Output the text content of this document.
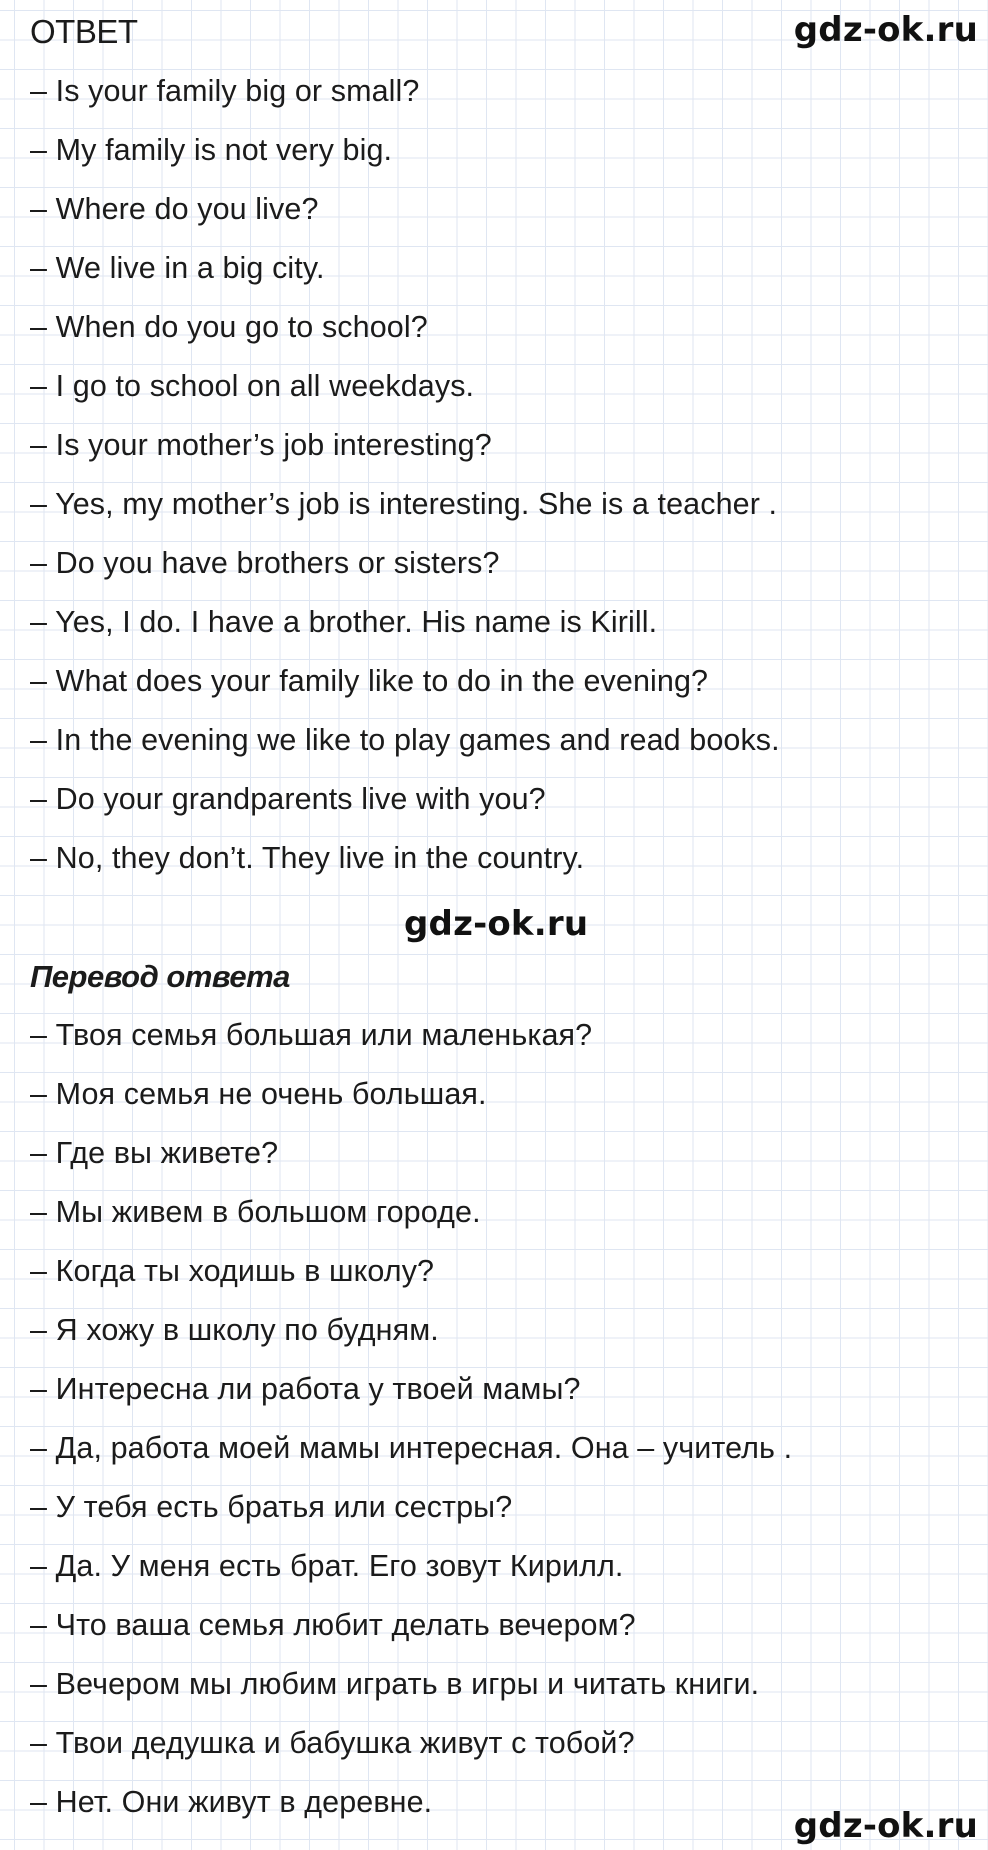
ОТВЕТ	gdz-ok.ru
– Is your family big or small?
– My family is not very big.
– Where do you live?
– We live in a big city.
– When do you go to school?
– I go to school on all weekdays.
– Is your mother’s job interesting?
– Yes, my mother’s job is interesting. She is a teacher .
– Do you have brothers or sisters?
– Yes, I do. I have a brother. His name is Kirill.
– What does your family like to do in the evening?
– In the evening we like to play games and read books.
– Do your grandparents live with you?
– No, they don’t. They live in the country.
gdz-ok.ru
Перевод ответа
– Твоя семья большая или маленькая?
– Моя семья не очень большая.
– Где вы живете?
– Мы живем в большом городе.
– Когда ты ходишь в школу?
– Я хожу в школу по будням.
– Интересна ли работа у твоей мамы?
– Да, работа моей мамы интересная. Она – учитель .
– У тебя есть братья или сестры?
– Да. У меня есть брат. Его зовут Кирилл.
– Что ваша семья любит делать вечером?
– Вечером мы любим играть в игры и читать книги.
– Твои дедушка и бабушка живут с тобой?
– Нет. Они живут в деревне.
gdz-ok.ru
